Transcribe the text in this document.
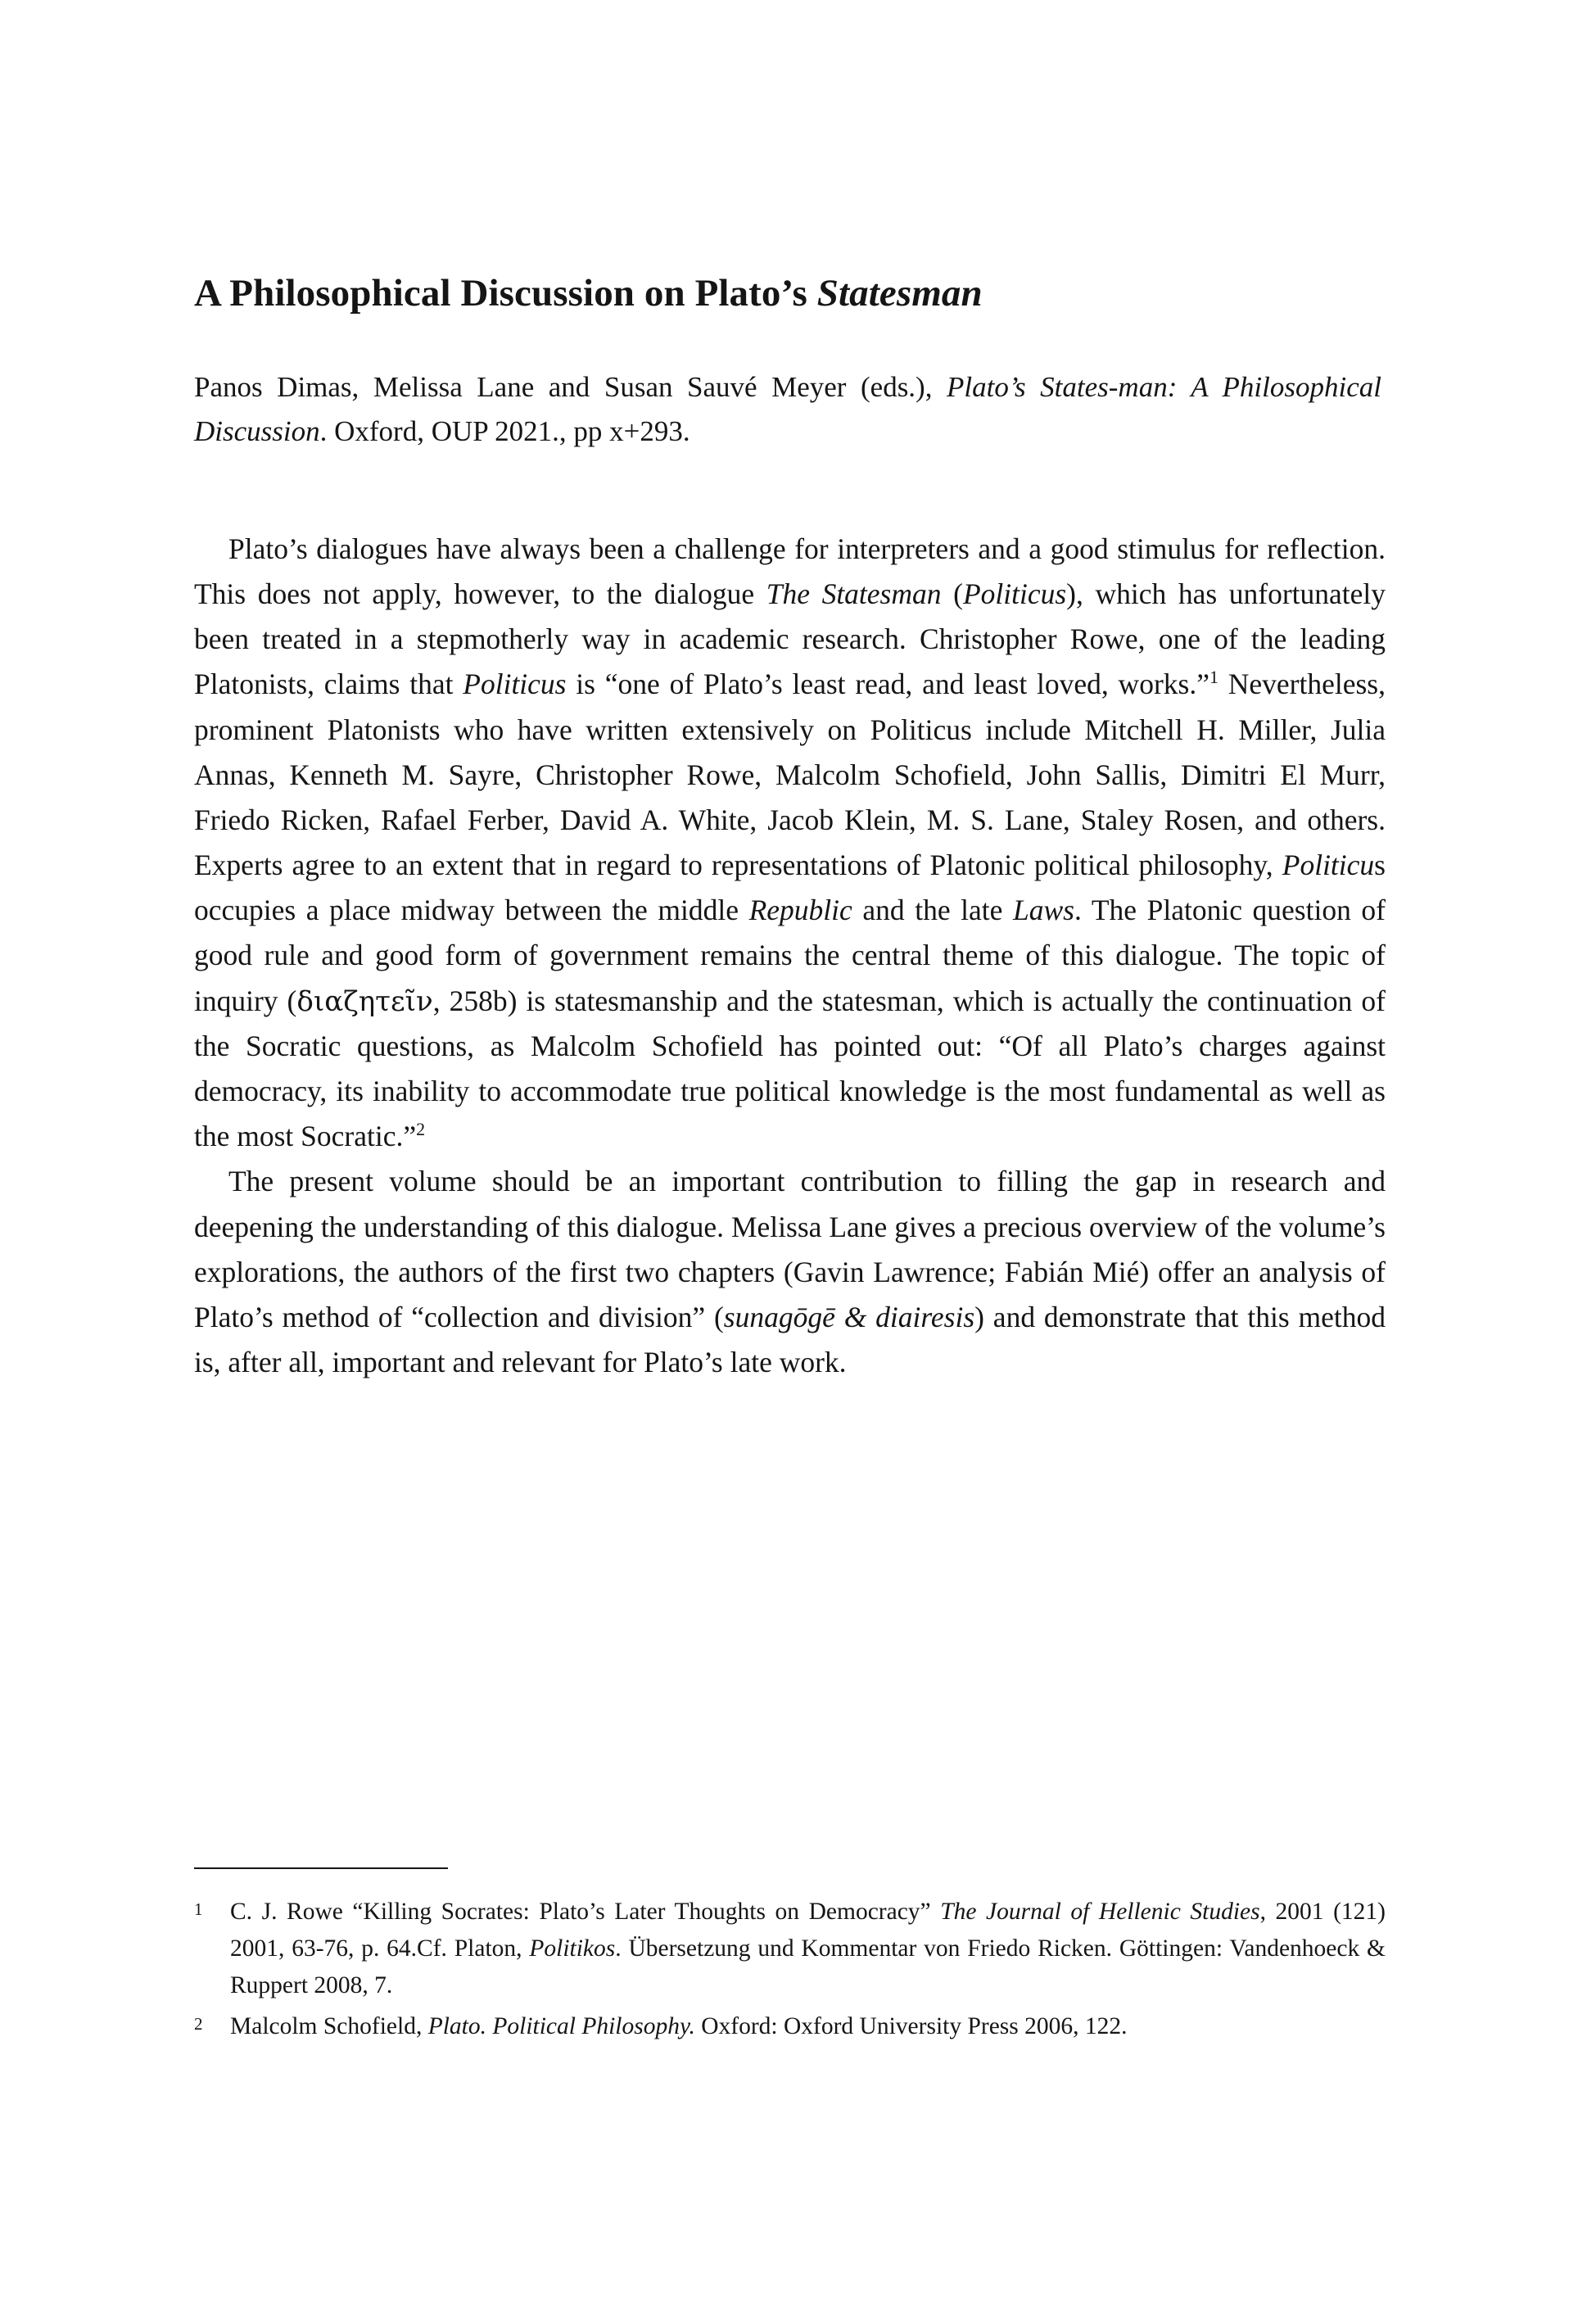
A Philosophical Discussion on Plato’s Statesman
Panos Dimas, Melissa Lane and Susan Sauvé Meyer (eds.), Plato’s States-man: A Philosophical Discussion. Oxford, OUP 2021., pp x+293.

Plato’s dialogues have always been a challenge for interpreters and a good stimulus for reflection. This does not apply, however, to the dialogue The Statesman (Politicus), which has unfortunately been treated in a stepmotherly way in academic research. Christopher Rowe, one of the leading Platonists, claims that Politicus is “one of Plato’s least read, and least loved, works.”$^1$ Nevertheless, prominent Platonists who have written extensively on Politicus include Mitchell H. Miller, Julia Annas, Kenneth M. Sayre, Christopher Rowe, Malcolm Schofield, John Sallis, Dimitri El Murr, Friedo Ricken, Rafael Ferber, David A. White, Jacob Klein, M. S. Lane, Staley Rosen, and others. Experts agree to an extent that in regard to representations of Platonic political philosophy, Politicus occupies a place midway between the middle Republic and the late Laws. The Platonic question of good rule and good form of government remains the central theme of this dialogue. The topic of inquiry (διαζητεῖν, 258b) is statesmanship and the statesman, which is actually the continuation of the Socratic questions, as Malcolm Schofield has pointed out: “Of all Plato’s charges against democracy, its inability to accommodate true political knowledge is the most fundamental as well as the most Socratic.”$^2$

The present volume should be an important contribution to filling the gap in research and deepening the understanding of this dialogue. Melissa Lane gives a precious overview of the volume’s explorations, the authors of the first two chapters (Gavin Lawrence; Fabián Mié) offer an analysis of Plato’s method of “collection and division” (sunagōgē & diairesis) and demonstrate that this method is, after all, important and relevant for Plato’s late work.

1	C. J. Rowe “Killing Socrates: Plato’s Later Thoughts on Democracy” The Journal of Hellenic Studies, 2001 (121) 2001, 63-76, p. 64.Cf. Platon, Politikos. Übersetzung und Kommentar von Friedo Ricken. Göttingen: Vandenhoeck & Ruppert 2008, 7.
2	Malcolm Schofield, Plato. Political Philosophy. Oxford: Oxford University Press 2006, 122.
